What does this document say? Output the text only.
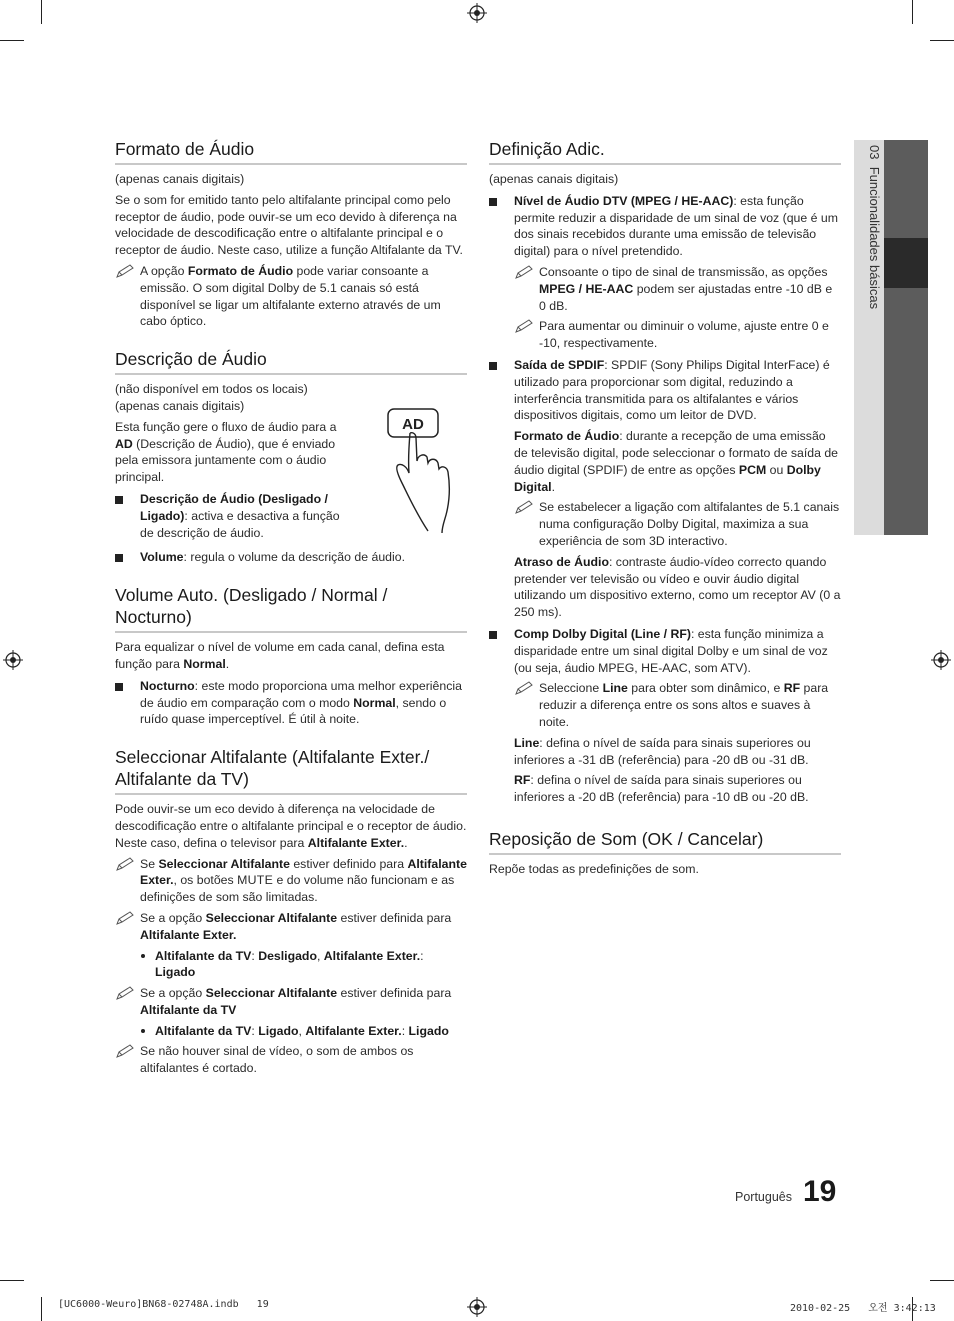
03  Funcionalidades básicas
Formato de Áudio
(apenas canais digitais)
Se o som for emitido tanto pelo altifalante principal como pelo receptor de áudio, pode ouvir-se um eco devido à diferença na velocidade de descodificação entre o altifalante principal e o receptor de áudio. Neste caso, utilize a função Altifalante da TV.
A opção Formato de Áudio pode variar consoante a emissão. O som digital Dolby de 5.1 canais só está disponível se ligar um altifalante externo através de um cabo óptico.
Descrição de Áudio
(não disponível em todos os locais)
(apenas canais digitais)
Esta função gere o fluxo de áudio para a AD (Descrição de Áudio), que é enviado pela emissora juntamente com o áudio principal.
Descrição de Áudio (Desligado / Ligado): activa e desactiva a função de descrição de áudio.
Volume: regula o volume da descrição de áudio.
Volume Auto. (Desligado / Normal / Nocturno)
Para equalizar o nível de volume em cada canal, defina esta função para Normal.
Nocturno: este modo proporciona uma melhor experiência de áudio em comparação com o modo Normal, sendo o ruído quase imperceptível. É útil à noite.
Seleccionar Altifalante (Altifalante Exter./ Altifalante da TV)
Pode ouvir-se um eco devido à diferença na velocidade de descodificação entre o altifalante principal e o receptor de áudio. Neste caso, defina o televisor para Altifalante Exter..
Se Seleccionar Altifalante estiver definido para Altifalante Exter., os botões MUTE e do volume não funcionam e as definições de som são limitadas.
Se a opção Seleccionar Altifalante estiver definida para Altifalante Exter.
Altifalante da TV: Desligado, Altifalante Exter.: Ligado
Se a opção Seleccionar Altifalante estiver definida para Altifalante da TV
Altifalante da TV: Ligado, Altifalante Exter.: Ligado
Se não houver sinal de vídeo, o som de ambos os altifalantes é cortado.
AD
Definição Adic.
(apenas canais digitais)
Nível de Áudio DTV (MPEG / HE-AAC): esta função permite reduzir a disparidade de um sinal de voz (que é um dos sinais recebidos durante uma emissão de televisão digital) para o nível pretendido.
Consoante o tipo de sinal de transmissão, as opções MPEG / HE-AAC podem ser ajustadas entre -10 dB e 0 dB.
Para aumentar ou diminuir o volume, ajuste entre 0 e -10, respectivamente.
Saída de SPDIF: SPDIF (Sony Philips Digital InterFace) é utilizado para proporcionar som digital, reduzindo a interferência transmitida para os altifalantes e vários dispositivos digitais, como um leitor de DVD.
Formato de Áudio: durante a recepção de uma emissão de televisão digital, pode seleccionar o formato de saída de áudio digital (SPDIF) de entre as opções PCM ou Dolby Digital.
Se estabelecer a ligação com altifalantes de 5.1 canais numa configuração Dolby Digital, maximiza a sua experiência de som 3D interactivo.
Atraso de Áudio: contraste áudio-vídeo correcto quando pretender ver televisão ou vídeo e ouvir áudio digital utilizando um dispositivo externo, como um receptor AV (0 a 250 ms).
Comp Dolby Digital (Line / RF): esta função minimiza a disparidade entre um sinal digital Dolby e um sinal de voz (ou seja, áudio MPEG, HE-AAC, som ATV).
Seleccione Line para obter som dinâmico, e RF para reduzir a diferença entre os sons altos e suaves à noite.
Line: defina o nível de saída para sinais superiores ou inferiores a -31 dB (referência) para -20 dB ou -31 dB.
RF: defina o nível de saída para sinais superiores ou inferiores a -20 dB (referência) para -10 dB ou -20 dB.
Reposição de Som (OK / Cancelar)
Repõe todas as predefinições de som.
Português 19
[UC6000-Weuro]BN68-02748A.indb   19	2010-02-25   오전 3:42:13
